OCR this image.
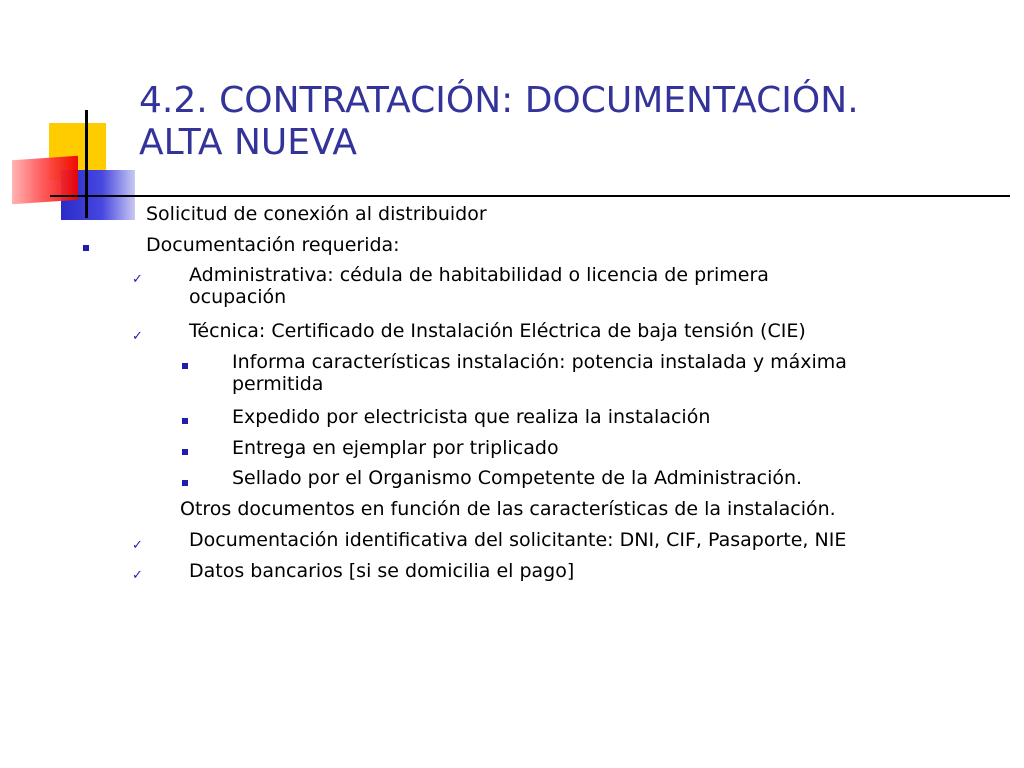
4.2. CONTRATACIÓN: DOCUMENTACIÓN.
ALTA NUEVA
Solicitud de conexión al distribuidor
Documentación requerida:
✓ Administrativa: cédula de habitabilidad o licencia de primera
ocupación
✓ Técnica: Certificado de Instalación Eléctrica de baja tensión (CIE)
Informa características instalación: potencia instalada y máxima
permitida
Expedido por electricista que realiza la instalación
Entrega en ejemplar por triplicado
Sellado por el Organismo Competente de la Administración.
Otros documentos en función de las características de la instalación.
✓ Documentación identificativa del solicitante: DNI, CIF, Pasaporte, NIE
✓ Datos bancarios [si se domicilia el pago]
